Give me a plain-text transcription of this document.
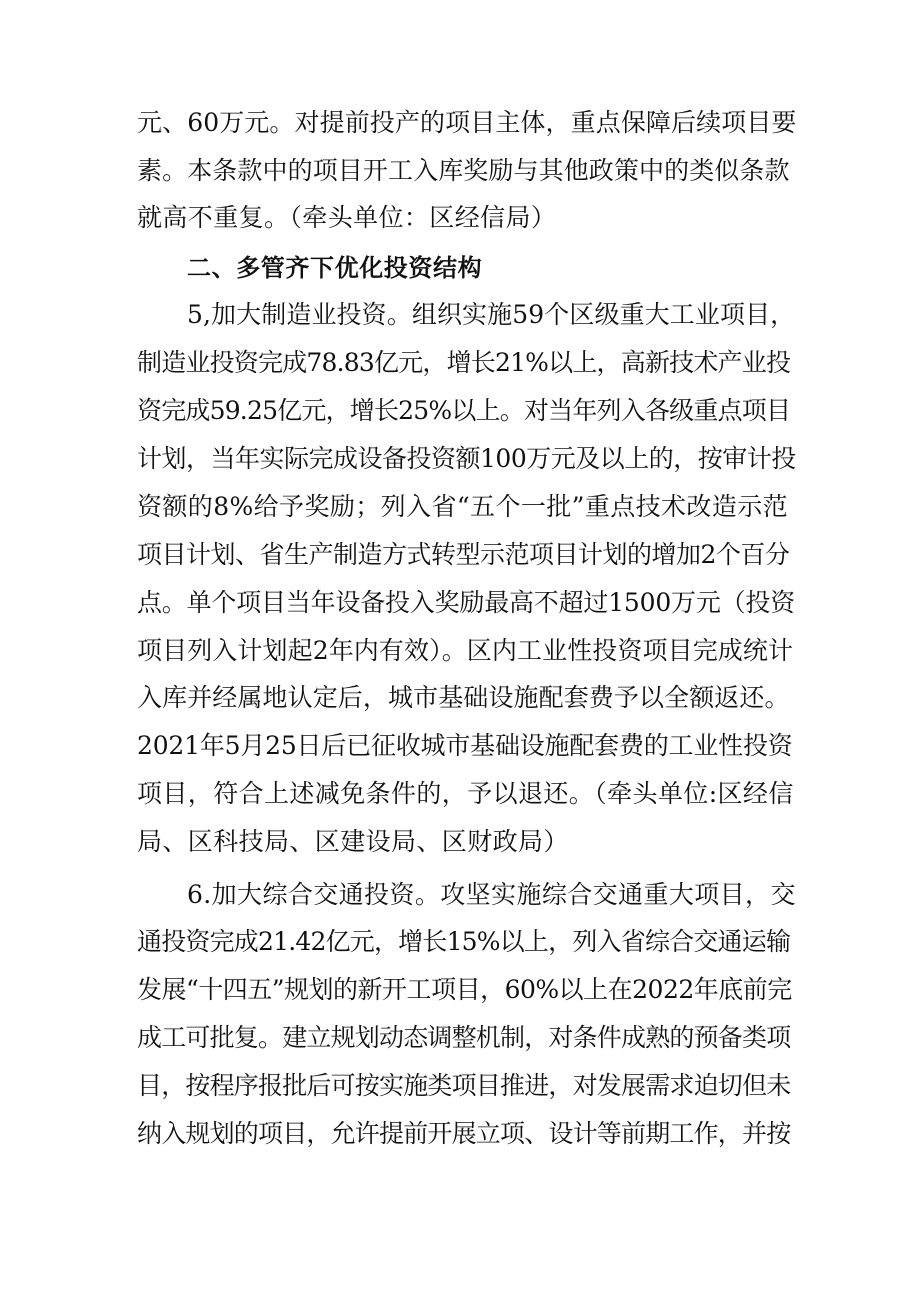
元、60万元。对提前投产的项目主体，重点保障后续项目要
素。本条款中的项目开工入库奖励与其他政策中的类似条款
就高不重复。（牵头单位：区经信局）
二、多管齐下优化投资结构
5,加大制造业投资。组织实施59个区级重大工业项目，
制造业投资完成78.83亿元，增长21%以上，高新技术产业投
资完成59.25亿元，增长25%以上。对当年列入各级重点项目
计划，当年实际完成设备投资额100万元及以上的，按审计投
资额的8%给予奖励；列入省“五个一批”重点技术改造示范
项目计划、省生产制造方式转型示范项目计划的增加2个百分
点。单个项目当年设备投入奖励最高不超过1500万元（投资
项目列入计划起2年内有效）。区内工业性投资项目完成统计
入库并经属地认定后，城市基础设施配套费予以全额返还。
2021年5月25日后已征收城市基础设施配套费的工业性投资
项目，符合上述减免条件的，予以退还。（牵头单位:区经信
局、区科技局、区建设局、区财政局）
6.加大综合交通投资。攻坚实施综合交通重大项目，交
通投资完成21.42亿元，增长15%以上，列入省综合交通运输
发展“十四五”规划的新开工项目，60%以上在2022年底前完
成工可批复。建立规划动态调整机制，对条件成熟的预备类项
目，按程序报批后可按实施类项目推进，对发展需求迫切但未
纳入规划的项目，允许提前开展立项、设计等前期工作，并按
